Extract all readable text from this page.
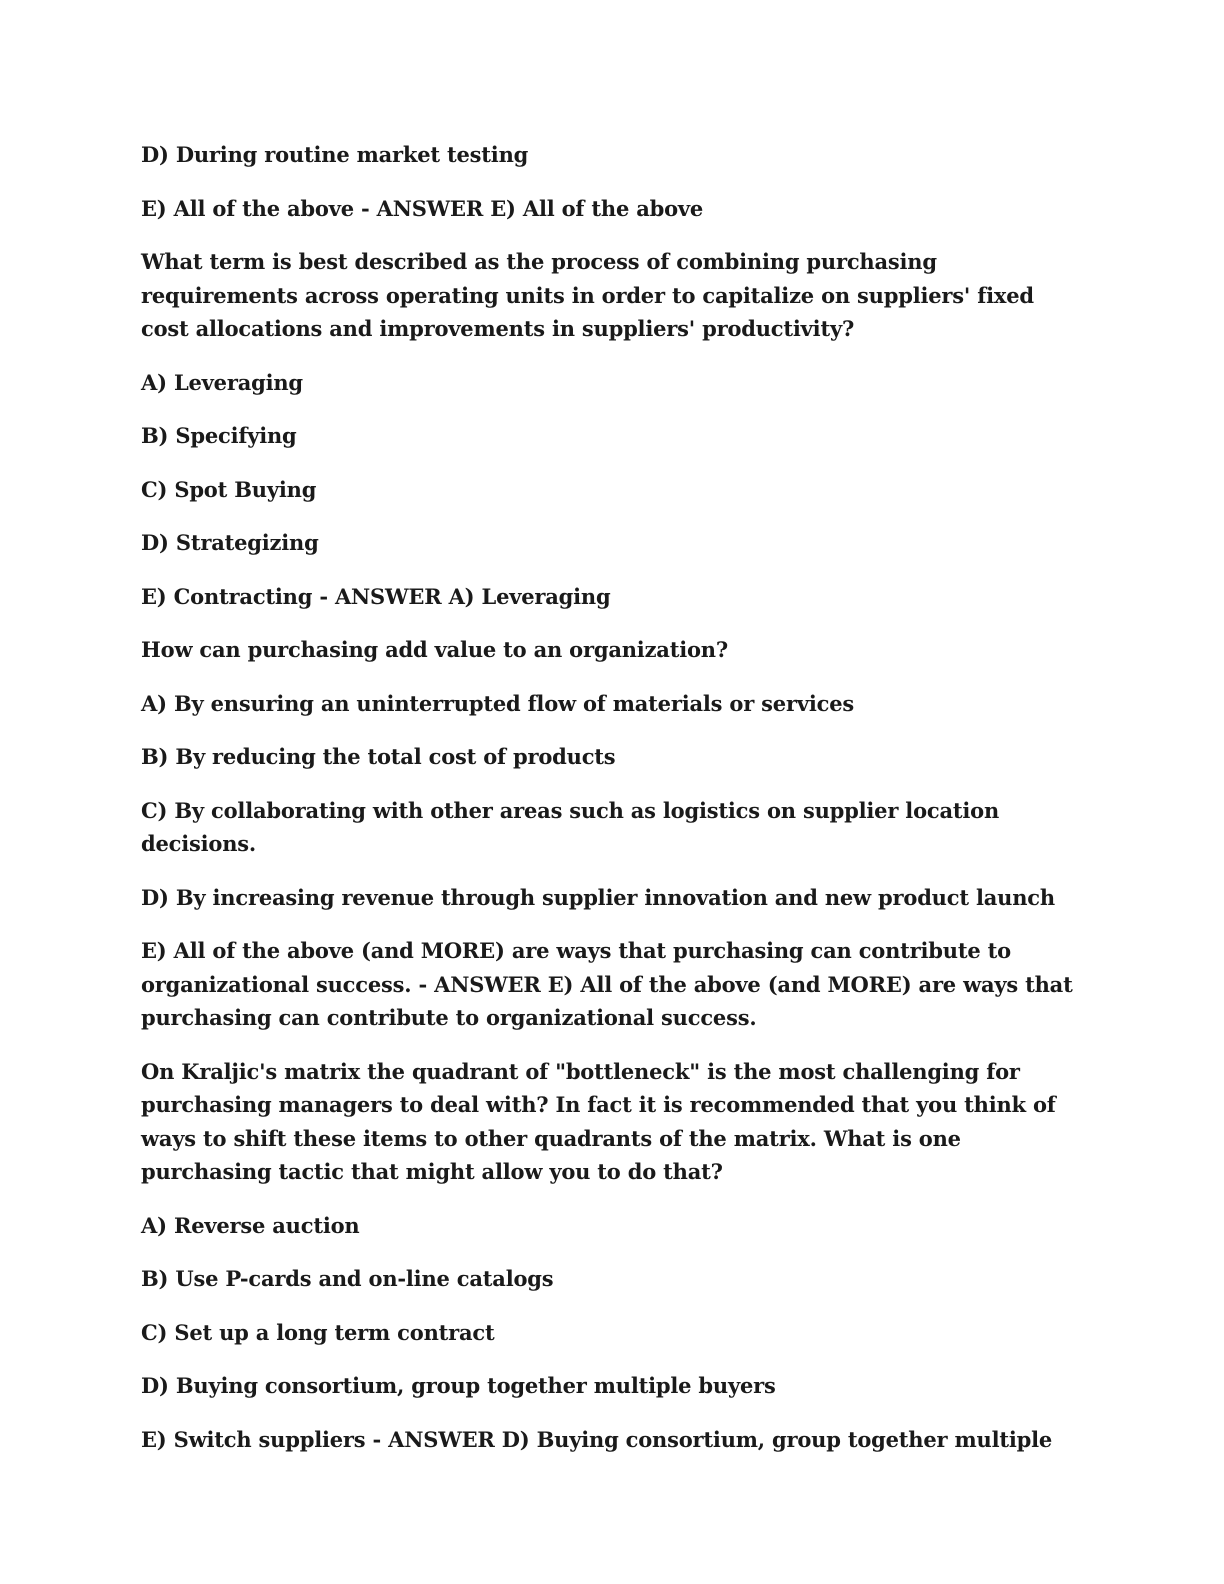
D) During routine market testing

E) All of the above - ANSWER E) All of the above

What term is best described as the process of combining purchasing requirements across operating units in order to capitalize on suppliers' fixed cost allocations and improvements in suppliers' productivity?

A) Leveraging

B) Specifying

C) Spot Buying

D) Strategizing

E) Contracting - ANSWER A) Leveraging

How can purchasing add value to an organization?

A) By ensuring an uninterrupted flow of materials or services

B) By reducing the total cost of products

C) By collaborating with other areas such as logistics on supplier location decisions.

D) By increasing revenue through supplier innovation and new product launch

E) All of the above (and MORE) are ways that purchasing can contribute to organizational success. - ANSWER E) All of the above (and MORE) are ways that purchasing can contribute to organizational success.

On Kraljic's matrix the quadrant of "bottleneck" is the most challenging for purchasing managers to deal with? In fact it is recommended that you think of ways to shift these items to other quadrants of the matrix. What is one purchasing tactic that might allow you to do that?

A) Reverse auction

B) Use P-cards and on-line catalogs

C) Set up a long term contract

D) Buying consortium, group together multiple buyers

E) Switch suppliers - ANSWER D) Buying consortium, group together multiple
